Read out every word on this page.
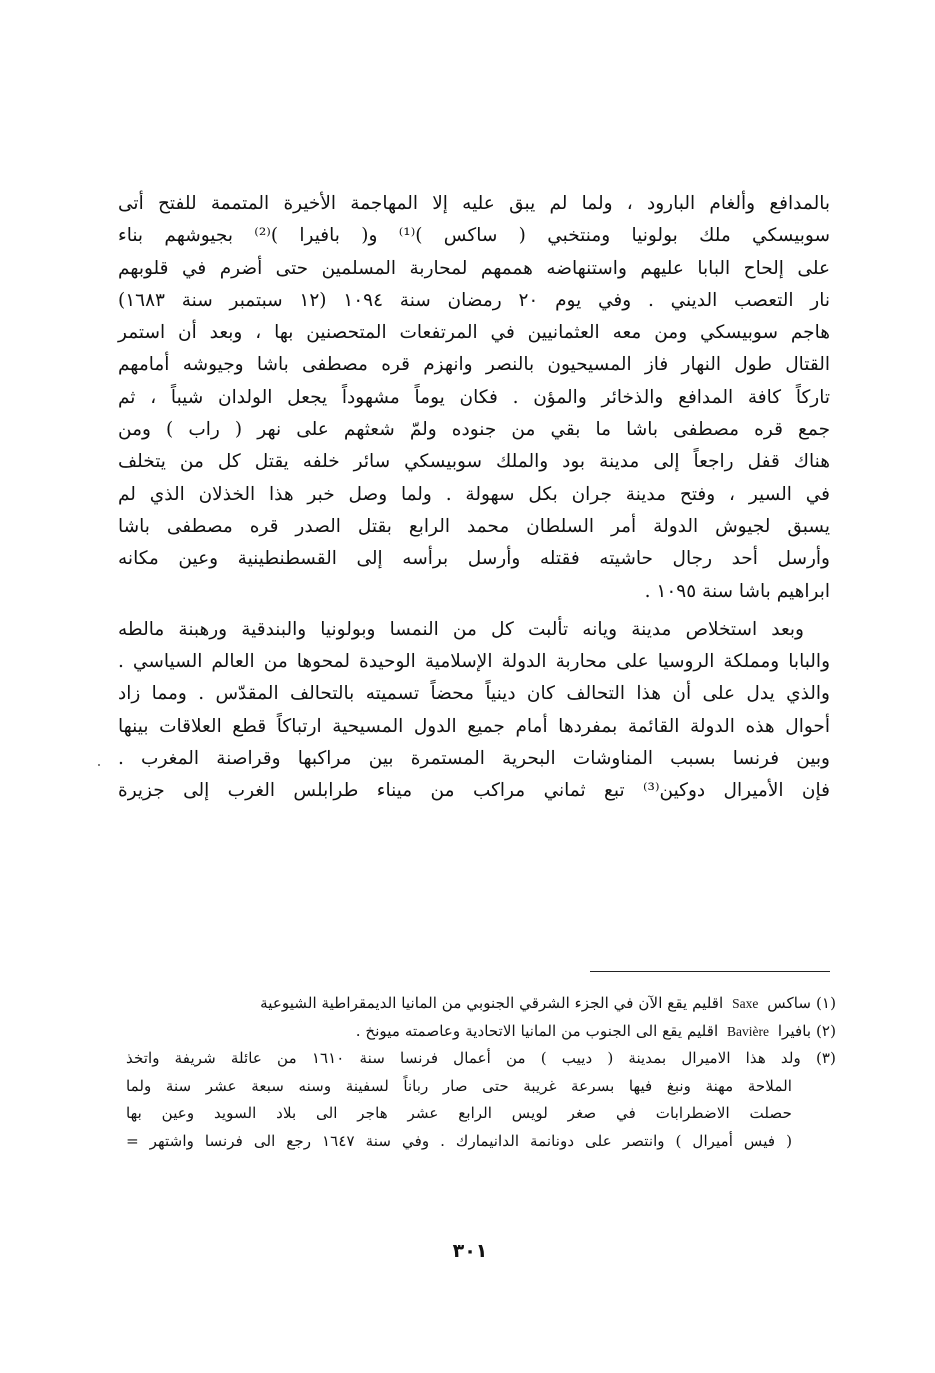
بالمدافع وألغام البارود ، ولما لم يبق عليه إلا المهاجمة الأخيرة المتممة للفتح أتى

سوبيسكي ملك بولونيا ومنتخبي ( ساكس )⁽¹⁾ و( بافيرا )⁽²⁾ بجيوشهم بناء

على إلحاح البابا عليهم واستنهاضه هممهم لمحاربة المسلمين حتى أضرم في قلوبهم

نار التعصب الديني . وفي يوم ٢٠ رمضان سنة ١٠٩٤ (١٢ سبتمبر سنة ١٦٨٣)

هاجم سوبيسكي ومن معه العثمانيين في المرتفعات المتحصنين بها ، وبعد أن استمر

القتال طول النهار فاز المسيحيون بالنصر وانهزم قره مصطفى باشا وجيوشه أمامهم

تاركاً كافة المدافع والذخائر والمؤن . فكان يوماً مشهوداً يجعل الولدان شيباً ، ثم

جمع قره مصطفى باشا ما بقي من جنوده ولمّ شعثهم على نهر ( راب ) ومن

هناك قفل راجعاً إلى مدينة بود والملك سوبيسكي سائر خلفه يقتل كل من يتخلف

في السير ، وفتح مدينة جران بكل سهولة . ولما وصل خبر هذا الخذلان الذي لم

يسبق لجيوش الدولة أمر السلطان محمد الرابع بقتل الصدر قره مصطفى باشا

وأرسل أحد رجال حاشيته فقتله وأرسل برأسه إلى القسطنطينية وعين مكانه

ابراهيم باشا سنة ١٠٩٥ .

وبعد استخلاص مدينة ويانه تألبت كل من النمسا وبولونيا والبندقية ورهبنة مالطه

والبابا ومملكة الروسيا على محاربة الدولة الإسلامية الوحيدة لمحوها من العالم السياسي .

والذي يدل على أن هذا التحالف كان دينياً محضاً تسميته بالتحالف المقدّس . ومما زاد

أحوال هذه الدولة القائمة بمفردها أمام جميع الدول المسيحية ارتباكاً قطع العلاقات بينها

وبين فرنسا بسبب المناوشات البحرية المستمرة بين مراكبها وقراصنة المغرب .

فإن الأميرال دوكين⁽³⁾ تبع ثماني مراكب من ميناء طرابلس الغرب إلى جزيرة

(١) ساكس Saxe اقليم يقع الآن في الجزء الشرقي الجنوبي من المانيا الديمقراطية الشيوعية

(٢) بافيرا Bavière اقليم يقع الى الجنوب من المانيا الاتحادية وعاصمته ميونخ .

(٣) ولد هذا الاميرال بمدينة ( دييب ) من أعمال فرنسا سنة ١٦١٠ من عائلة شريفة واتخذ

الملاحة مهنة ونبغ فيها بسرعة غريبة حتى صار رباناً لسفينة وسنه سبعة عشر سنة ولما

حصلت الاضطرابات في صغر لويس الرابع عشر هاجر الى بلاد السويد وعين بها

( فيس أميرال ) وانتصر على دونانمة الدانيمارك . وفي سنة ١٦٤٧ رجع الى فرنسا واشتهر =

٣٠١
